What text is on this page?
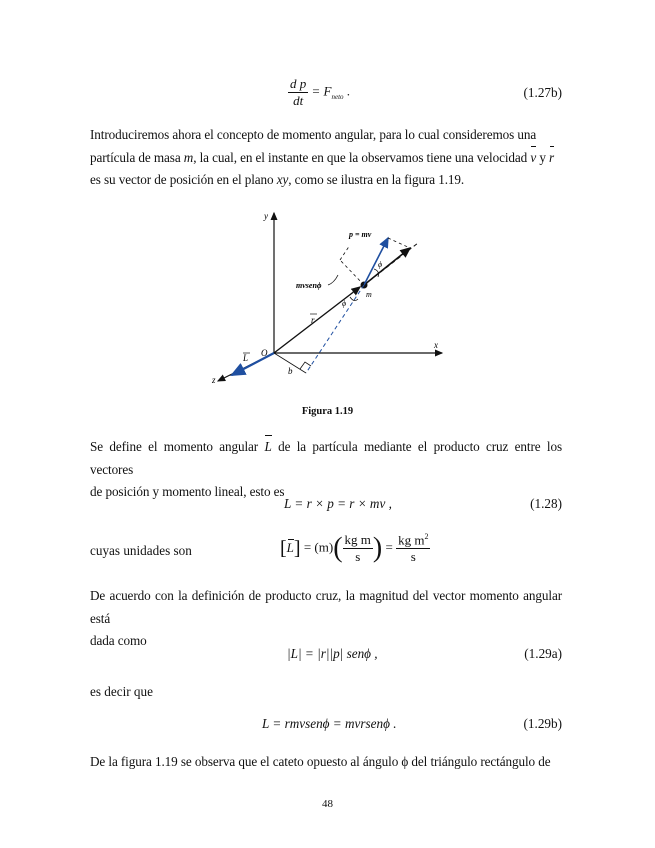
$\frac{\text{d p}}{dt} = F_{neto}$ .	(1.27b)
Introduciremos ahora el concepto de momento angular, para lo cual consideremos una
partícula de masa m, la cual, en el instante en que la observamos tiene una velocidad v y r
es su vector de posición en el plano xy, como se ilustra en la figura 1.19.
y
x
z
O
L
b
r
m
ϕ
ϕ
p = mv
mvsenϕ
Figura 1.19
Se define el momento angular L de la partícula mediante el producto cruz entre los vectores
de posición y momento lineal, esto es
L = r × p = r × mv ,	(1.28)
cuyas unidades son	$[L] = (m)( \frac{\text{kg m}}{s}$ ) = $\frac{kg m^2}{s}$
De acuerdo con la definición de producto cruz, la magnitud del vector momento angular está
dada como
|L| = |r||p| senϕ ,	(1.29a)
es decir que
L = rmvsenϕ = mvrsenϕ .	(1.29b)
De la figura 1.19 se observa que el cateto opuesto al ángulo ϕ del triángulo rectángulo de
48
